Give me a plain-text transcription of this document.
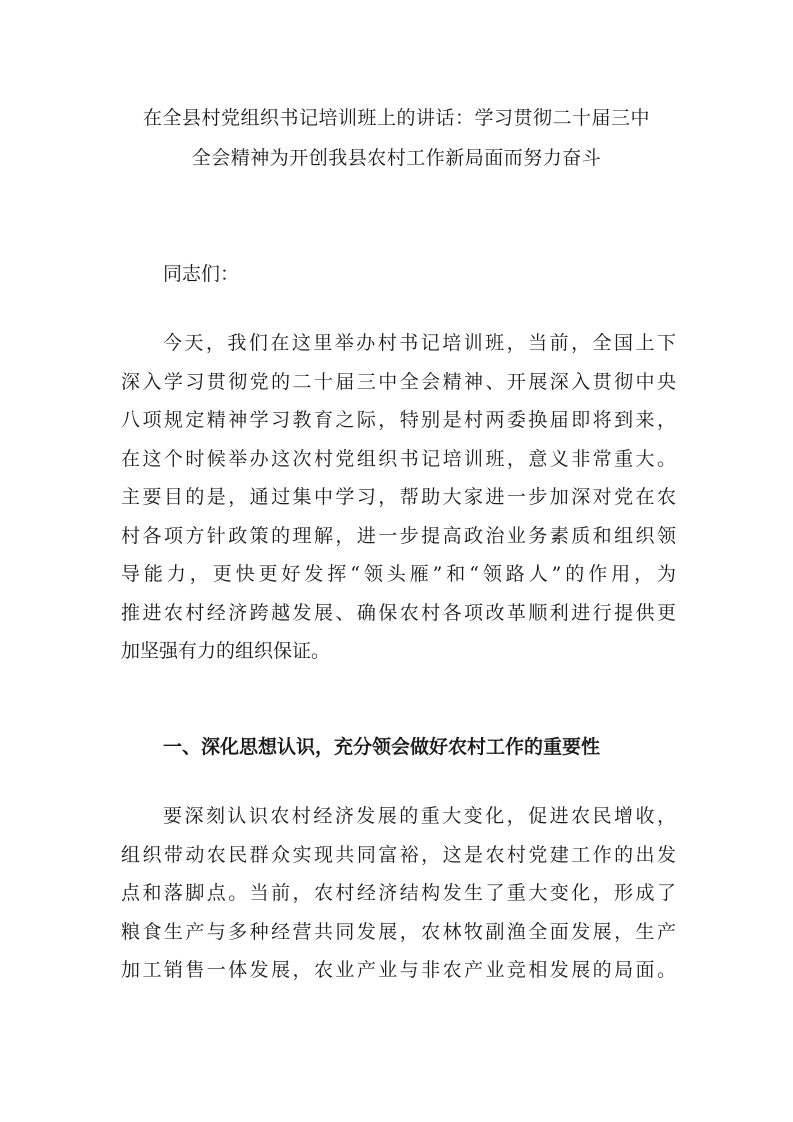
在全县村党组织书记培训班上的讲话：学习贯彻二十届三中
全会精神为开创我县农村工作新局面而努力奋斗
同志们：
今天，我们在这里举办村书记培训班，当前，全国上下
深入学习贯彻党的二十届三中全会精神、开展深入贯彻中央
八项规定精神学习教育之际，特别是村两委换届即将到来，
在这个时候举办这次村党组织书记培训班，意义非常重大。
主要目的是，通过集中学习，帮助大家进一步加深对党在农
村各项方针政策的理解，进一步提高政治业务素质和组织领
导能力，更快更好发挥“领头雁”和“领路人”的作用，为
推进农村经济跨越发展、确保农村各项改革顺利进行提供更
加坚强有力的组织保证。
一、深化思想认识，充分领会做好农村工作的重要性
要深刻认识农村经济发展的重大变化，促进农民增收，
组织带动农民群众实现共同富裕，这是农村党建工作的出发
点和落脚点。当前，农村经济结构发生了重大变化，形成了
粮食生产与多种经营共同发展，农林牧副渔全面发展，生产
加工销售一体发展，农业产业与非农产业竞相发展的局面。
